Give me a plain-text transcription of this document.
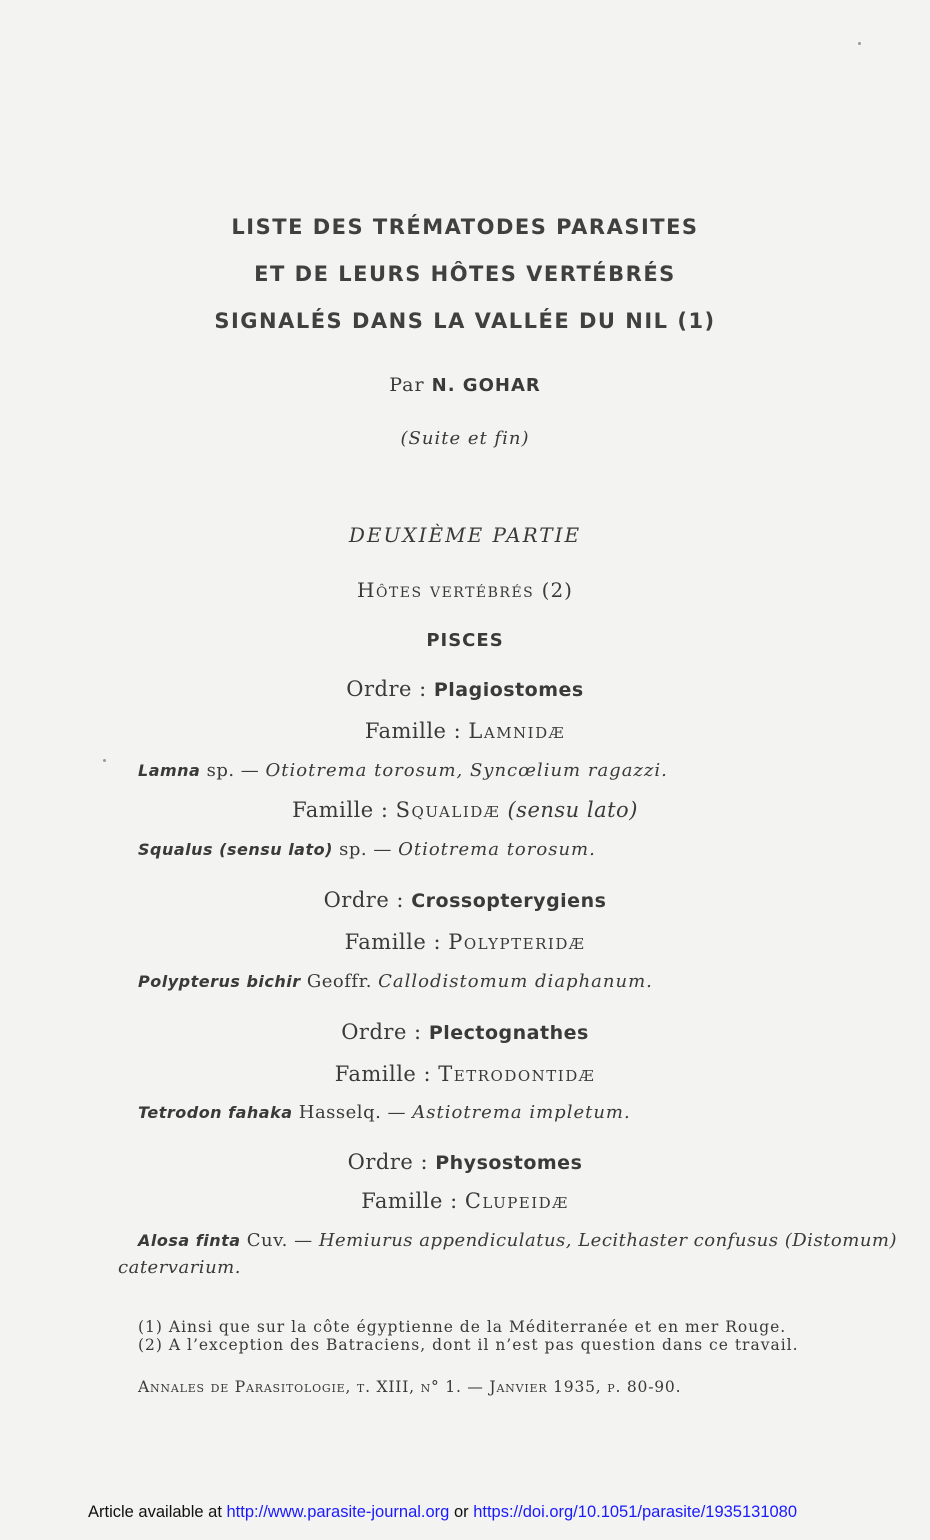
LISTE DES TRÉMATODES PARASITES
ET DE LEURS HÔTES VERTÉBRÉS
SIGNALÉS DANS LA VALLÉE DU NIL (1)
Par N. GOHAR
(Suite et fin)
DEUXIÈME PARTIE
Hôtes vertébrés (2)
PISCES
Ordre : Plagiostomes
Famille : Lamnidæ
Lamna sp. — Otiotrema torosum, Syncœlium ragazzi.
Famille : Squalidæ (sensu lato)
Squalus (sensu lato) sp. — Otiotrema torosum.
Ordre : Crossopterygiens
Famille : Polypteridæ
Polypterus bichir Geoffr. Callodistomum diaphanum.
Ordre : Plectognathes
Famille : Tetrodontidæ
Tetrodon fahaka Hasselq. — Astiotrema impletum.
Ordre : Physostomes
Famille : Clupeidæ
Alosa finta Cuv. — Hemiurus appendiculatus, Lecithaster confusus (Distomum) catervarium.
(1) Ainsi que sur la côte égyptienne de la Méditerranée et en mer Rouge.
(2) A l’exception des Batraciens, dont il n’est pas question dans ce travail.
Annales de Parasitologie, t. XIII, n° 1. — Janvier 1935, p. 80-90.
Article available at http://www.parasite-journal.org or https://doi.org/10.1051/parasite/1935131080
